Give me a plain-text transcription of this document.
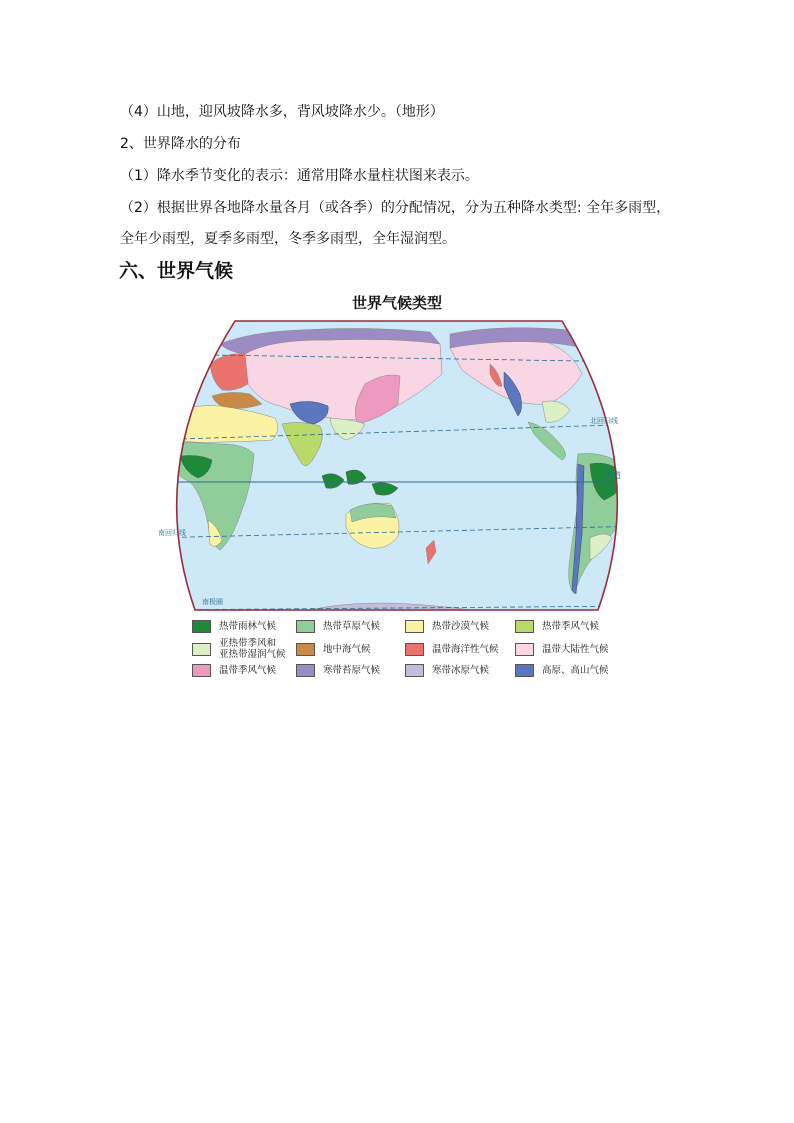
（4）山地，迎风坡降水多，背风坡降水少。（地形）
2、世界降水的分布
（1）降水季节变化的表示：通常用降水量柱状图来表示。
（2）根据世界各地降水量各月（或各季）的分配情况，分为五种降水类型: 全年多雨型，
全年少雨型，夏季多雨型，冬季多雨型，全年湿润型。
六、世界气候
世界气候类型
北回归线
赤道
南回归线
南极圈
热带雨林气候	热带草原气候	热带沙漠气候	热带季风气候
亚热带季风和
亚热带湿润气候	地中海气候	温带海洋性气候	温带大陆性气候
温带季风气候	寒带苔原气候	寒带冰原气候	高原、高山气候
